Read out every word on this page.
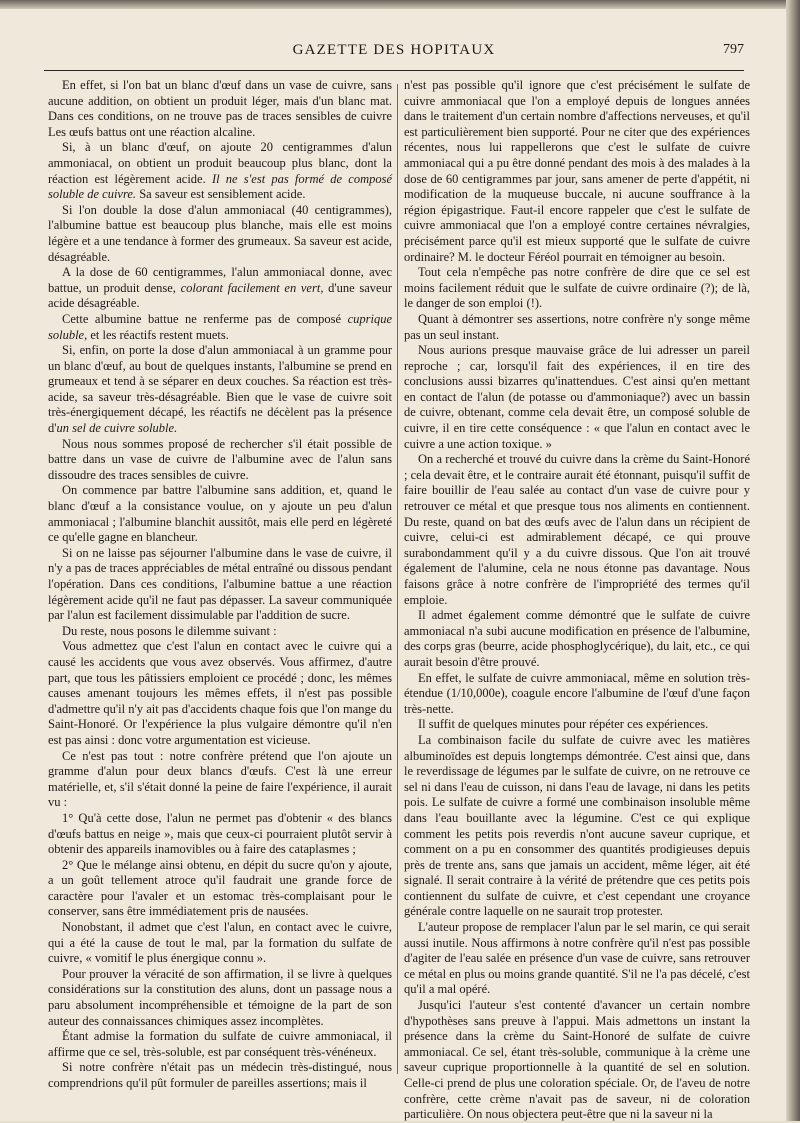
GAZETTE DES HOPITAUX	797

En effet, si l'on bat un blanc d'œuf dans un vase de cuivre, sans aucune addition, on obtient un produit léger, mais d'un blanc mat. Dans ces conditions, on ne trouve pas de traces sensibles de cuivre Les œufs battus ont une réaction alcaline.

Si, à un blanc d'œuf, on ajoute 20 centigrammes d'alun ammoniacal, on obtient un produit beaucoup plus blanc, dont la réaction est légèrement acide. Il ne s'est pas formé de composé soluble de cuivre. Sa saveur est sensiblement acide.

Si l'on double la dose d'alun ammoniacal (40 centigrammes), l'albumine battue est beaucoup plus blanche, mais elle est moins légère et a une tendance à former des grumeaux. Sa saveur est acide, désagréable.

A la dose de 60 centigrammes, l'alun ammoniacal donne, avec battue, un produit dense, colorant facilement en vert, d'une saveur acide désagréable.

Cette albumine battue ne renferme pas de composé cuprique soluble, et les réactifs restent muets.

Si, enfin, on porte la dose d'alun ammoniacal à un gramme pour un blanc d'œuf, au bout de quelques instants, l'albumine se prend en grumeaux et tend à se séparer en deux couches. Sa réaction est très-acide, sa saveur très-désagréable. Bien que le vase de cuivre soit très-énergiquement décapé, les réactifs ne décèlent pas la présence d'un sel de cuivre soluble.

Nous nous sommes proposé de rechercher s'il était possible de battre dans un vase de cuivre de l'albumine avec de l'alun sans dissoudre des traces sensibles de cuivre.

On commence par battre l'albumine sans addition, et, quand le blanc d'œuf a la consistance voulue, on y ajoute un peu d'alun ammoniacal ; l'albumine blanchit aussitôt, mais elle perd en légèreté ce qu'elle gagne en blancheur.

Si on ne laisse pas séjourner l'albumine dans le vase de cuivre, il n'y a pas de traces appréciables de métal entraîné ou dissous pendant l'opération. Dans ces conditions, l'albumine battue a une réaction légèrement acide qu'il ne faut pas dépasser. La saveur communiquée par l'alun est facilement dissimulable par l'addition de sucre.

Du reste, nous posons le dilemme suivant :

Vous admettez que c'est l'alun en contact avec le cuivre qui a causé les accidents que vous avez observés. Vous affirmez, d'autre part, que tous les pâtissiers emploient ce procédé ; donc, les mêmes causes amenant toujours les mêmes effets, il n'est pas possible d'admettre qu'il n'y ait pas d'accidents chaque fois que l'on mange du Saint-Honoré. Or l'expérience la plus vulgaire démontre qu'il n'en est pas ainsi : donc votre argumentation est vicieuse.

Ce n'est pas tout : notre confrère prétend que l'on ajoute un gramme d'alun pour deux blancs d'œufs. C'est là une erreur matérielle, et, s'il s'était donné la peine de faire l'expérience, il aurait vu :

1° Qu'à cette dose, l'alun ne permet pas d'obtenir « des blancs d'œufs battus en neige », mais que ceux-ci pourraient plutôt servir à obtenir des appareils inamovibles ou à faire des cataplasmes ;

2° Que le mélange ainsi obtenu, en dépit du sucre qu'on y ajoute, a un goût tellement atroce qu'il faudrait une grande force de caractère pour l'avaler et un estomac très-complaisant pour le conserver, sans être immédiatement pris de nausées.

Nonobstant, il admet que c'est l'alun, en contact avec le cuivre, qui a été la cause de tout le mal, par la formation du sulfate de cuivre, « vomitif le plus énergique connu ».

Pour prouver la véracité de son affirmation, il se livre à quelques considérations sur la constitution des aluns, dont un passage nous a paru absolument incompréhensible et témoigne de la part de son auteur des connaissances chimiques assez incomplètes.

Étant admise la formation du sulfate de cuivre ammoniacal, il affirme que ce sel, très-soluble, est par conséquent très-vénéneux.

Si notre confrère n'était pas un médecin très-distingué, nous comprendrions qu'il pût formuler de pareilles assertions; mais il

n'est pas possible qu'il ignore que c'est précisément le sulfate de cuivre ammoniacal que l'on a employé depuis de longues années dans le traitement d'un certain nombre d'affections nerveuses, et qu'il est particulièrement bien supporté. Pour ne citer que des expériences récentes, nous lui rappellerons que c'est le sulfate de cuivre ammoniacal qui a pu être donné pendant des mois à des malades à la dose de 60 centigrammes par jour, sans amener de perte d'appétit, ni modification de la muqueuse buccale, ni aucune souffrance à la région épigastrique. Faut-il encore rappeler que c'est le sulfate de cuivre ammoniacal que l'on a employé contre certaines névralgies, précisément parce qu'il est mieux supporté que le sulfate de cuivre ordinaire? M. le docteur Féréol pourrait en témoigner au besoin.

Tout cela n'empêche pas notre confrère de dire que ce sel est moins facilement réduit que le sulfate de cuivre ordinaire (?); de là, le danger de son emploi (!).

Quant à démontrer ses assertions, notre confrère n'y songe même pas un seul instant.

Nous aurions presque mauvaise grâce de lui adresser un pareil reproche ; car, lorsqu'il fait des expériences, il en tire des conclusions aussi bizarres qu'inattendues. C'est ainsi qu'en mettant en contact de l'alun (de potasse ou d'ammoniaque?) avec un bassin de cuivre, obtenant, comme cela devait être, un composé soluble de cuivre, il en tire cette conséquence : « que l'alun en contact avec le cuivre a une action toxique. »

On a recherché et trouvé du cuivre dans la crème du Saint-Honoré ; cela devait être, et le contraire aurait été étonnant, puisqu'il suffit de faire bouillir de l'eau salée au contact d'un vase de cuivre pour y retrouver ce métal et que presque tous nos aliments en contiennent. Du reste, quand on bat des œufs avec de l'alun dans un récipient de cuivre, celui-ci est admirablement décapé, ce qui prouve surabondamment qu'il y a du cuivre dissous. Que l'on ait trouvé également de l'alumine, cela ne nous étonne pas davantage. Nous faisons grâce à notre confrère de l'impropriété des termes qu'il emploie.

Il admet également comme démontré que le sulfate de cuivre ammoniacal n'a subi aucune modification en présence de l'albumine, des corps gras (beurre, acide phosphoglycérique), du lait, etc., ce qui aurait besoin d'être prouvé.

En effet, le sulfate de cuivre ammoniacal, même en solution très-étendue (1/10,000e), coagule encore l'albumine de l'œuf d'une façon très-nette.

Il suffit de quelques minutes pour répéter ces expériences.

La combinaison facile du sulfate de cuivre avec les matières albuminoïdes est depuis longtemps démontrée. C'est ainsi que, dans le reverdissage de légumes par le sulfate de cuivre, on ne retrouve ce sel ni dans l'eau de cuisson, ni dans l'eau de lavage, ni dans les petits pois. Le sulfate de cuivre a formé une combinaison insoluble même dans l'eau bouillante avec la légumine. C'est ce qui explique comment les petits pois reverdis n'ont aucune saveur cuprique, et comment on a pu en consommer des quantités prodigieuses depuis près de trente ans, sans que jamais un accident, même léger, ait été signalé. Il serait contraire à la vérité de prétendre que ces petits pois contiennent du sulfate de cuivre, et c'est cependant une croyance générale contre laquelle on ne saurait trop protester.

L'auteur propose de remplacer l'alun par le sel marin, ce qui serait aussi inutile. Nous affirmons à notre confrère qu'il n'est pas possible d'agiter de l'eau salée en présence d'un vase de cuivre, sans retrouver ce métal en plus ou moins grande quantité. S'il ne l'a pas décelé, c'est qu'il a mal opéré.

Jusqu'ici l'auteur s'est contenté d'avancer un certain nombre d'hypothèses sans preuve à l'appui. Mais admettons un instant la présence dans la crème du Saint-Honoré de sulfate de cuivre ammoniacal. Ce sel, étant très-soluble, communique à la crème une saveur cuprique proportionnelle à la quantité de sel en solution. Celle-ci prend de plus une coloration spéciale. Or, de l'aveu de notre confrère, cette crème n'avait pas de saveur, ni de coloration particulière. On nous objectera peut-être que ni la saveur ni la
